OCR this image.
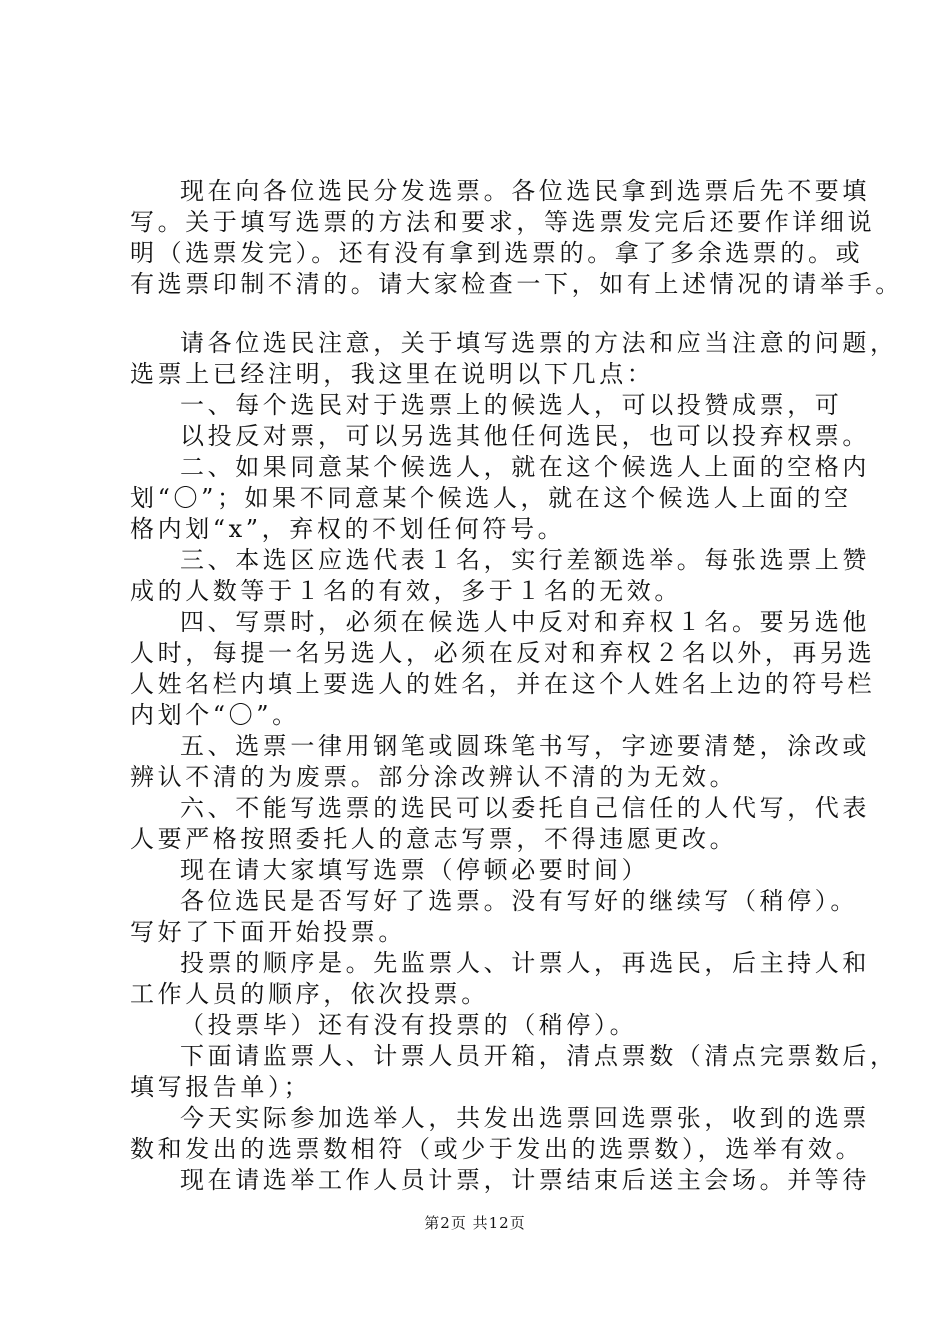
现在向各位选民分发选票。各位选民拿到选票后先不要填
写。关于填写选票的方法和要求，等选票发完后还要作详细说
明（选票发完）。还有没有拿到选票的。拿了多余选票的。或
有选票印制不清的。请大家检查一下，如有上述情况的请举手。
请各位选民注意，关于填写选票的方法和应当注意的问题，
选票上已经注明，我这里在说明以下几点：
一、每个选民对于选票上的候选人，可以投赞成票，可
以投反对票，可以另选其他任何选民，也可以投弃权票。
二、如果同意某个候选人，就在这个候选人上面的空格内
划“〇”；如果不同意某个候选人，就在这个候选人上面的空
格内划“x”，弃权的不划任何符号。
三、本选区应选代表１名，实行差额选举。每张选票上赞
成的人数等于１名的有效，多于１名的无效。
四、写票时，必须在候选人中反对和弃权１名。要另选他
人时，每提一名另选人，必须在反对和弃权２名以外，再另选
人姓名栏内填上要选人的姓名，并在这个人姓名上边的符号栏
内划个“〇”。
五、选票一律用钢笔或圆珠笔书写，字迹要清楚，涂改或
辨认不清的为废票。部分涂改辨认不清的为无效。
六、不能写选票的选民可以委托自己信任的人代写，代表
人要严格按照委托人的意志写票，不得违愿更改。
现在请大家填写选票（停顿必要时间）
各位选民是否写好了选票。没有写好的继续写（稍停）。
写好了下面开始投票。
投票的顺序是。先监票人、计票人，再选民，后主持人和
工作人员的顺序，依次投票。
（投票毕）还有没有投票的（稍停）。
下面请监票人、计票人员开箱，清点票数（清点完票数后，
填写报告单）；
今天实际参加选举人，共发出选票回选票张，收到的选票
数和发出的选票数相符（或少于发出的选票数），选举有效。
现在请选举工作人员计票，计票结束后送主会场。并等待
第2页 共12页
